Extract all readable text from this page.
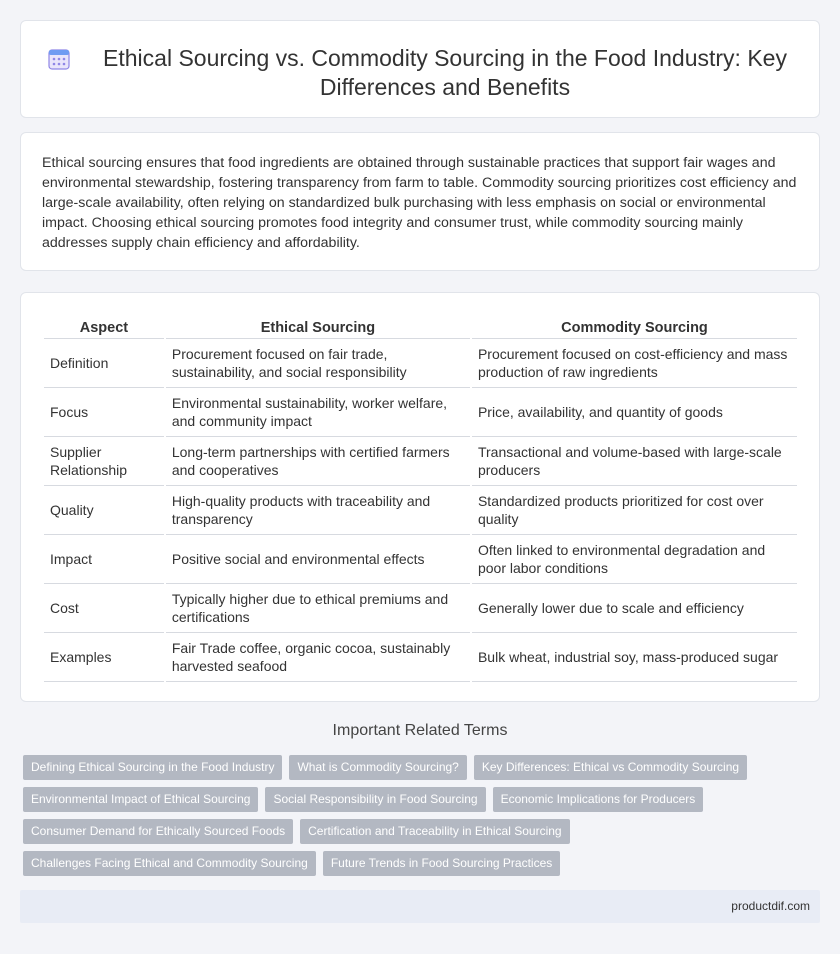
Ethical Sourcing vs. Commodity Sourcing in the Food Industry: Key Differences and Benefits

Ethical sourcing ensures that food ingredients are obtained through sustainable practices that support fair wages and environmental stewardship, fostering transparency from farm to table. Commodity sourcing prioritizes cost efficiency and large-scale availability, often relying on standardized bulk purchasing with less emphasis on social or environmental impact. Choosing ethical sourcing promotes food integrity and consumer trust, while commodity sourcing mainly addresses supply chain efficiency and affordability.

Aspect	Ethical Sourcing	Commodity Sourcing
Definition	Procurement focused on fair trade, sustainability, and social responsibility	Procurement focused on cost-efficiency and mass production of raw ingredients
Focus	Environmental sustainability, worker welfare, and community impact	Price, availability, and quantity of goods
Supplier Relationship	Long-term partnerships with certified farmers and cooperatives	Transactional and volume-based with large-scale producers
Quality	High-quality products with traceability and transparency	Standardized products prioritized for cost over quality
Impact	Positive social and environmental effects	Often linked to environmental degradation and poor labor conditions
Cost	Typically higher due to ethical premiums and certifications	Generally lower due to scale and efficiency
Examples	Fair Trade coffee, organic cocoa, sustainably harvested seafood	Bulk wheat, industrial soy, mass-produced sugar
Important Related Terms
Defining Ethical Sourcing in the Food Industry	What is Commodity Sourcing?	Key Differences: Ethical vs Commodity Sourcing
Environmental Impact of Ethical Sourcing	Social Responsibility in Food Sourcing	Economic Implications for Producers
Consumer Demand for Ethically Sourced Foods	Certification and Traceability in Ethical Sourcing
Challenges Facing Ethical and Commodity Sourcing	Future Trends in Food Sourcing Practices
productdif.com
